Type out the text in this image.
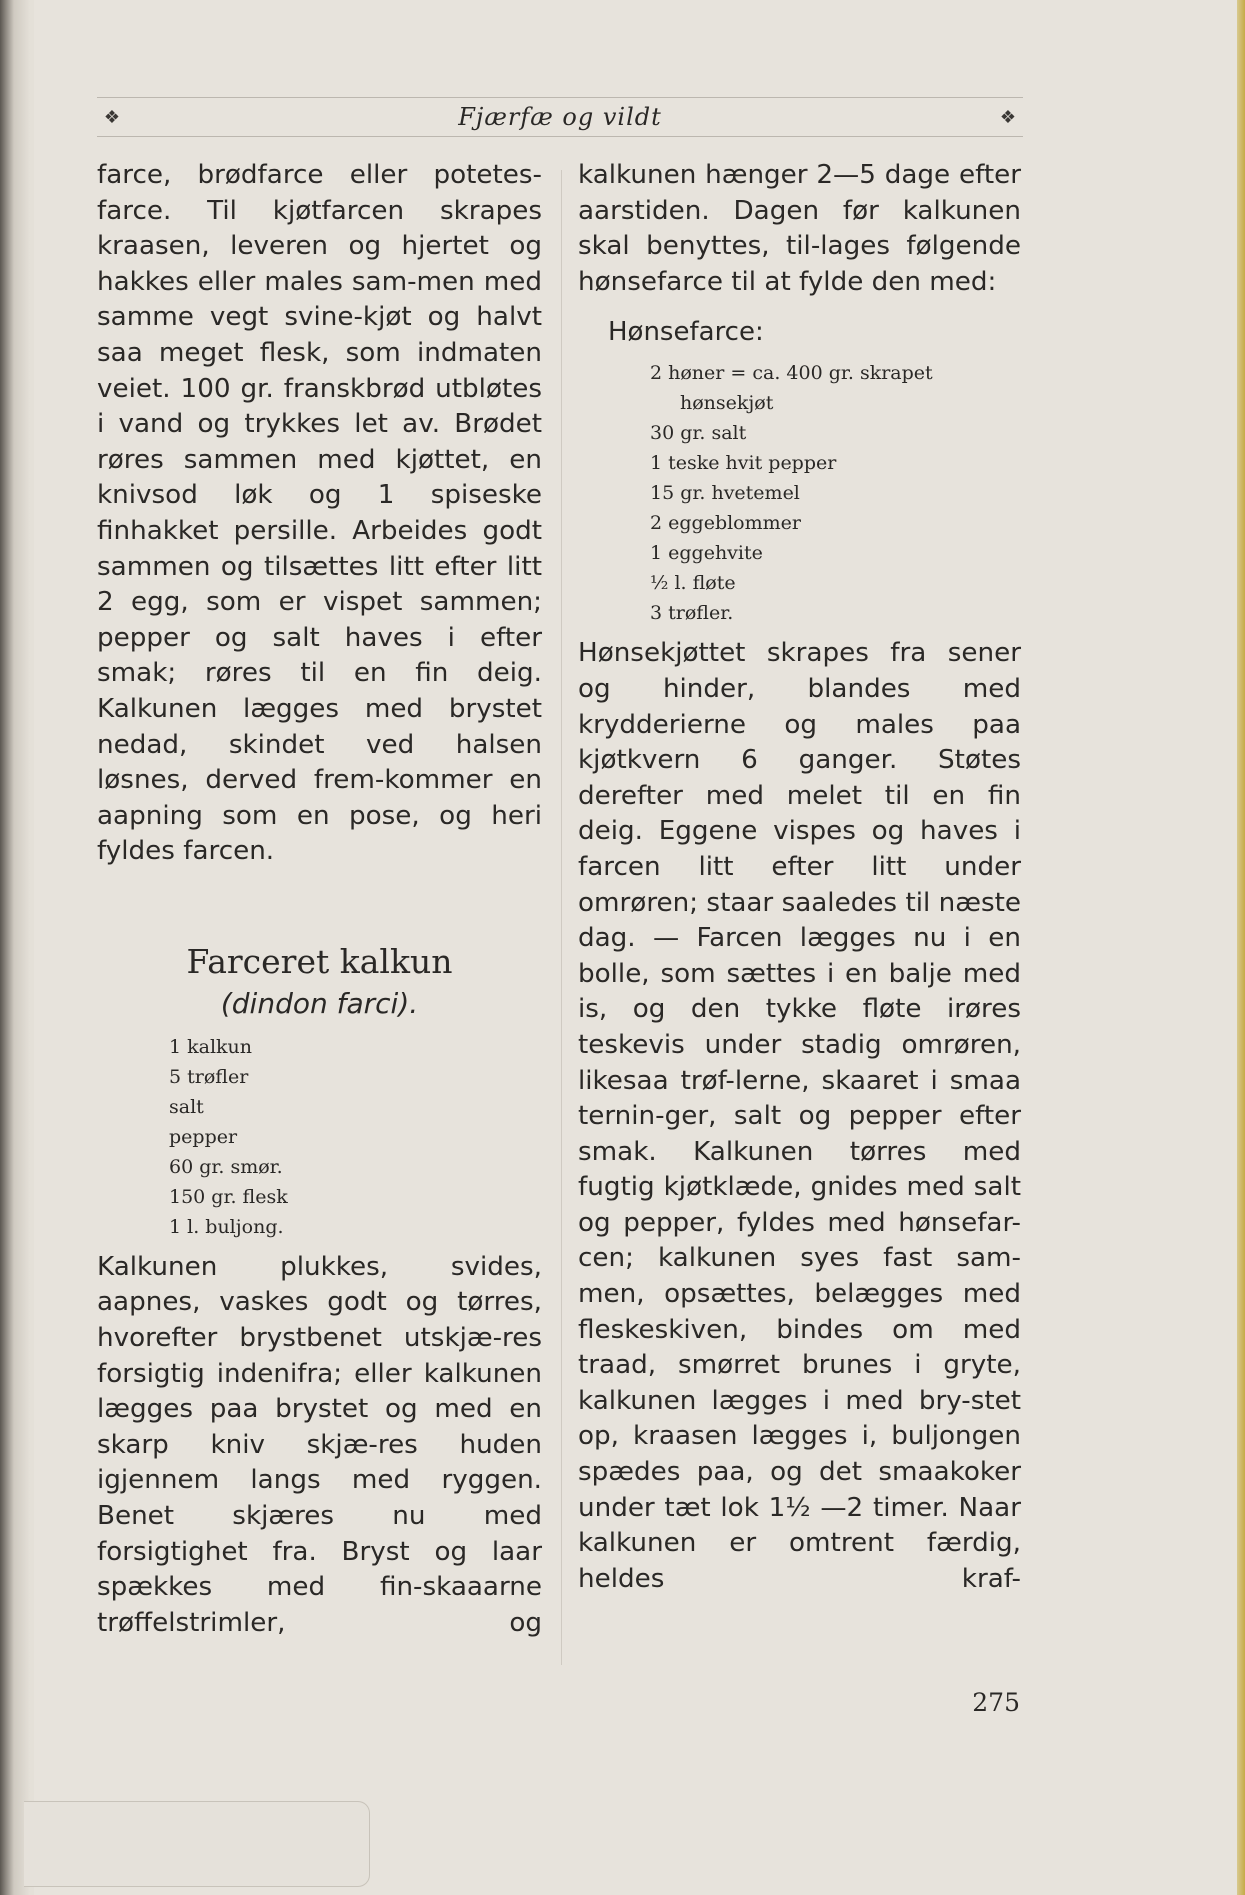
❖	Fjærfæ og vildt	❖

farce, brødfarce eller potetes-farce. Til kjøtfarcen skrapes kraasen, leveren og hjertet og hakkes eller males sam-men med samme vegt svine-kjøt og halvt saa meget flesk, som indmaten veiet. 100 gr. franskbrød utbløtes i vand og trykkes let av. Brødet røres sammen med kjøttet, en knivsod løk og 1 spiseske finhakket persille. Arbeides godt sammen og tilsættes litt efter litt 2 egg, som er vispet sammen; pepper og salt haves i efter smak; røres til en fin deig. Kalkunen lægges med brystet nedad, skindet ved halsen løsnes, derved frem-kommer en aapning som en pose, og heri fyldes farcen.

Farceret kalkun
(dindon farci).
1 kalkun
5 trøfler
salt
pepper
60 gr. smør.
150 gr. flesk
1 l. buljong.

Kalkunen plukkes, svides, aapnes, vaskes godt og tørres, hvorefter brystbenet utskjæ-res forsigtig indenifra; eller kalkunen lægges paa brystet og med en skarp kniv skjæ-res huden igjennem langs med ryggen. Benet skjæres nu med forsigtighet fra. Bryst og laar spækkes med fin-skaaarne trøffelstrimler, og

kalkunen hænger 2—5 dage efter aarstiden. Dagen før kalkunen skal benyttes, til-lages følgende hønsefarce til at fylde den med:

Hønsefarce:
2 høner = ca. 400 gr. skrapet
hønsekjøt
30 gr. salt
1 teske hvit pepper
15 gr. hvetemel
2 eggeblommer
1 eggehvite
½ l. fløte
3 trøfler.

Hønsekjøttet skrapes fra sener og hinder, blandes med krydderierne og males paa kjøtkvern 6 ganger. Støtes derefter med melet til en fin deig. Eggene vispes og haves i farcen litt efter litt under omrøren; staar saaledes til næste dag. — Farcen lægges nu i en bolle, som sættes i en balje med is, og den tykke fløte irøres teskevis under stadig omrøren, likesaa trøf-lerne, skaaret i smaa ternin-ger, salt og pepper efter smak. Kalkunen tørres med fugtig kjøtklæde, gnides med salt og pepper, fyldes med hønsefar-cen; kalkunen syes fast sam-men, opsættes, belægges med fleskeskiven, bindes om med traad, smørret brunes i gryte, kalkunen lægges i med bry-stet op, kraasen lægges i, buljongen spædes paa, og det smaakoker under tæt lok 1½ —2 timer. Naar kalkunen er omtrent færdig, heldes kraf-

275
